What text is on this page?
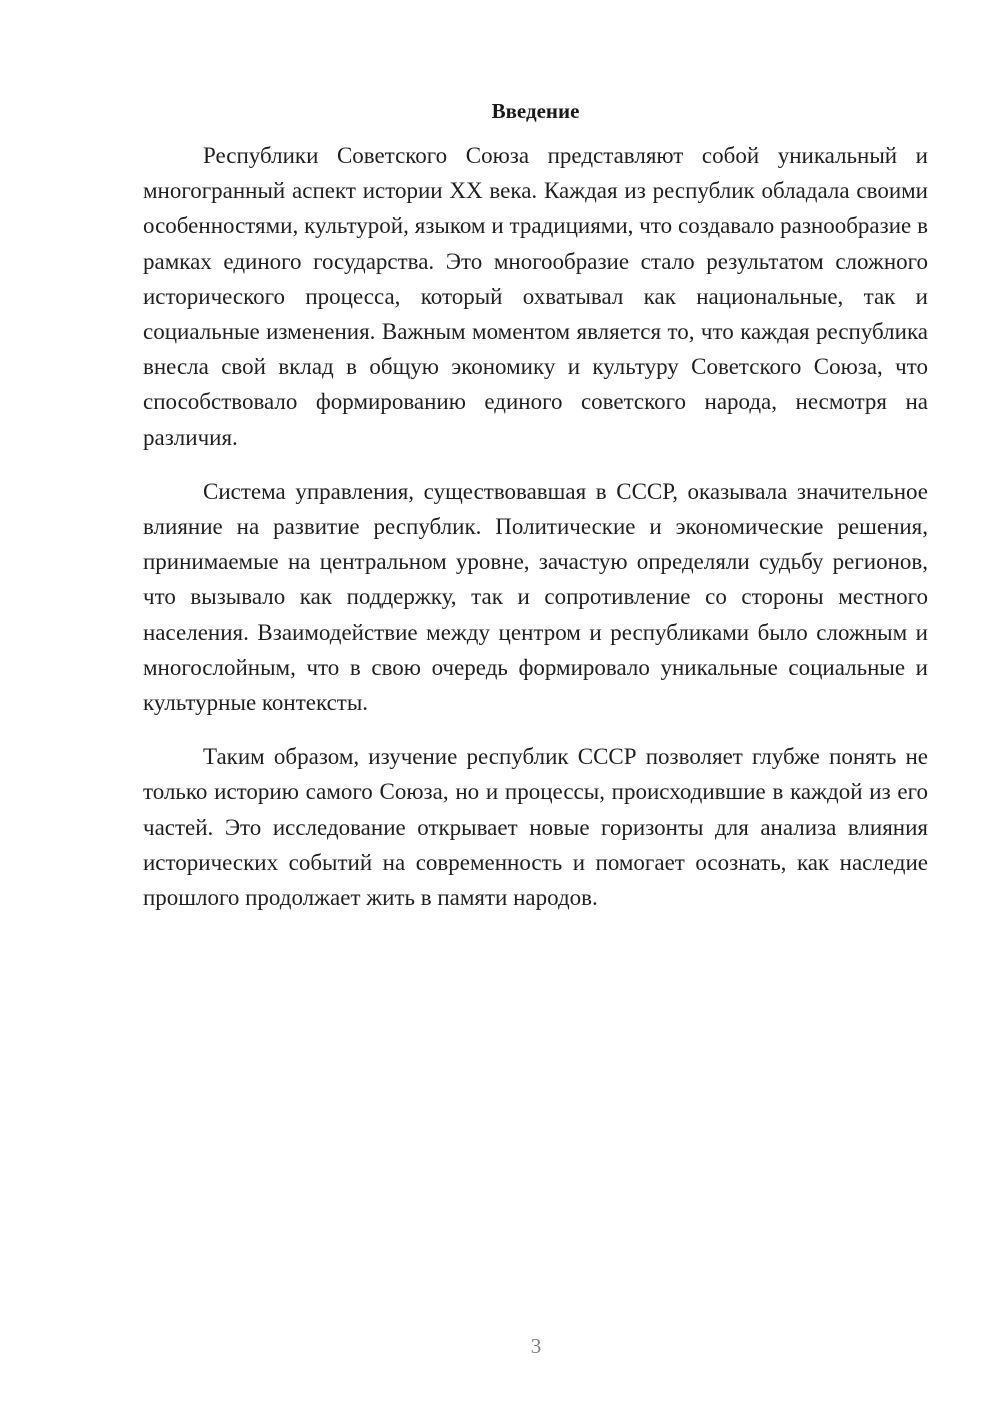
Введение

Республики Советского Союза представляют собой уникальный и многогранный аспект истории XX века. Каждая из республик обладала своими особенностями, культурой, языком и традициями, что создавало разнообразие в рамках единого государства. Это многообразие стало результатом сложного исторического процесса, который охватывал как национальные, так и социальные изменения. Важным моментом является то, что каждая республика внесла свой вклад в общую экономику и культуру Советского Союза, что способствовало формированию единого советского народа, несмотря на различия.

Система управления, существовавшая в СССР, оказывала значительное влияние на развитие республик. Политические и экономические решения, принимаемые на центральном уровне, зачастую определяли судьбу регионов, что вызывало как поддержку, так и сопротивление со стороны местного населения. Взаимодействие между центром и республиками было сложным и многослойным, что в свою очередь формировало уникальные социальные и культурные контексты.

Таким образом, изучение республик СССР позволяет глубже понять не только историю самого Союза, но и процессы, происходившие в каждой из его частей. Это исследование открывает новые горизонты для анализа влияния исторических событий на современность и помогает осознать, как наследие прошлого продолжает жить в памяти народов.

3
